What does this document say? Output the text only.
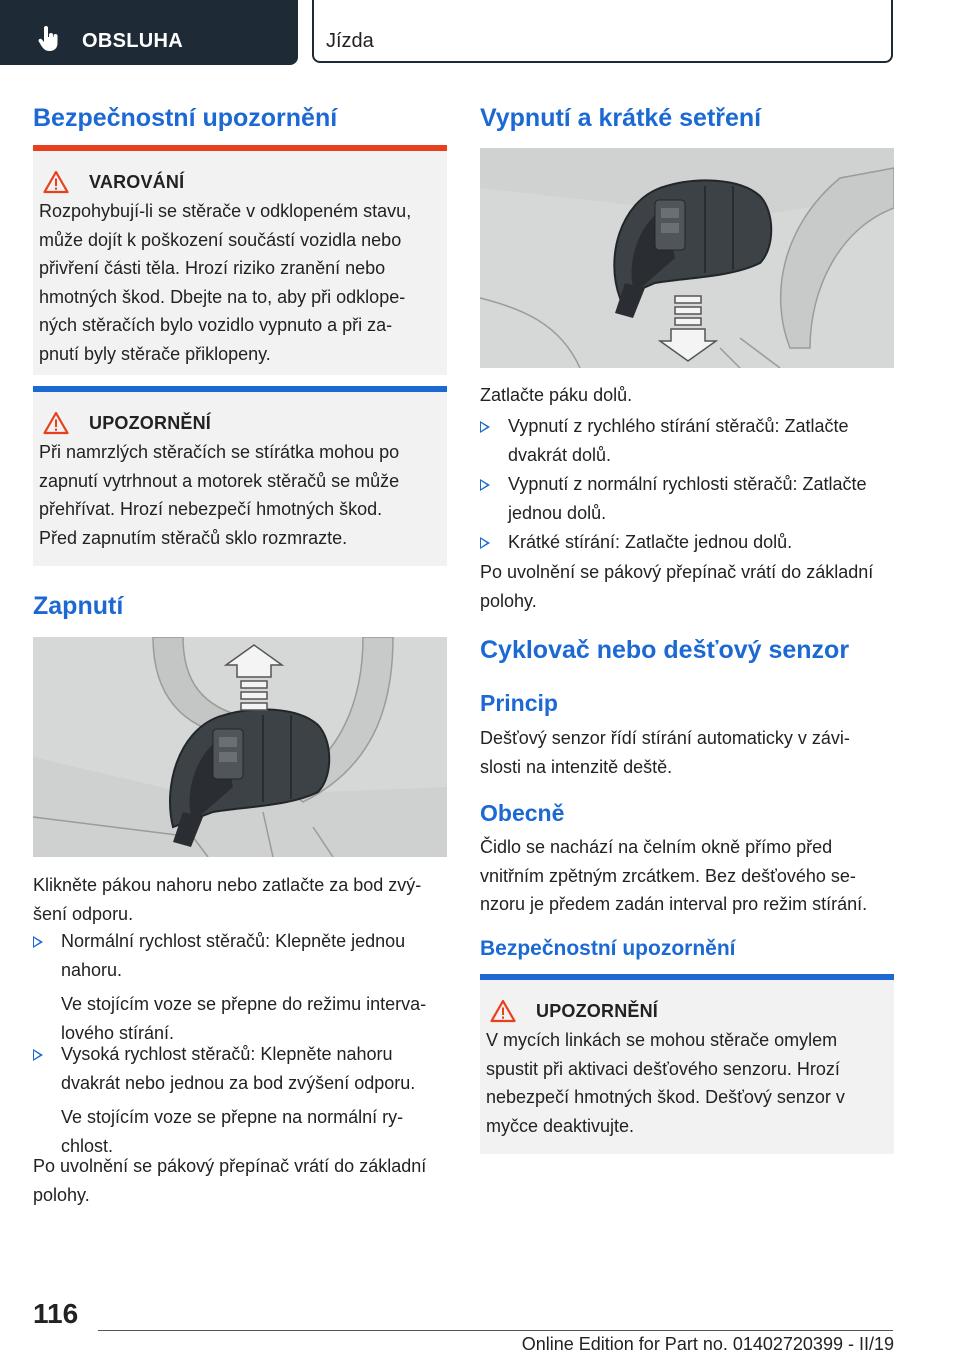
OBSLUHA	Jízda
Bezpečnostní upozornění
VAROVÁNÍ
Rozpohybují-li se stěrače v odklopeném stavu,
může dojít k poškození součástí vozidla nebo
přivření části těla. Hrozí riziko zranění nebo
hmotných škod. Dbejte na to, aby při odklope-
ných stěračích bylo vozidlo vypnuto a při za-
pnutí byly stěrače přiklopeny.
UPOZORNĚNÍ
Při namrzlých stěračích se stírátka mohou po
zapnutí vytrhnout a motorek stěračů se může
přehřívat. Hrozí nebezpečí hmotných škod.
Před zapnutím stěračů sklo rozmrazte.
Zapnutí

Klikněte pákou nahoru nebo zatlačte za bod zvý-
šení odporu.

Normální rychlost stěračů: Klepněte jednou
nahoru.
Ve stojícím voze se přepne do režimu interva-
lového stírání.
Vysoká rychlost stěračů: Klepněte nahoru
dvakrát nebo jednou za bod zvýšení odporu.
Ve stojícím voze se přepne na normální ry-
chlost.

Po uvolnění se pákový přepínač vrátí do základní
polohy.

Vypnutí a krátké setření

Zatlačte páku dolů.

Vypnutí z rychlého stírání stěračů: Zatlačte
dvakrát dolů.
Vypnutí z normální rychlosti stěračů: Zatlačte
jednou dolů.
Krátké stírání: Zatlačte jednou dolů.

Po uvolnění se pákový přepínač vrátí do základní
polohy.

Cyklovač nebo dešťový senzor
Princip

Dešťový senzor řídí stírání automaticky v závi-
slosti na intenzitě deště.

Obecně

Čidlo se nachází na čelním okně přímo před
vnitřním zpětným zrcátkem. Bez dešťového se-
nzoru je předem zadán interval pro režim stírání.

Bezpečnostní upozornění
UPOZORNĚNÍ
V mycích linkách se mohou stěrače omylem
spustit při aktivaci dešťového senzoru. Hrozí
nebezpečí hmotných škod. Dešťový senzor v
myčce deaktivujte.
116
Online Edition for Part no. 01402720399 - II/19
